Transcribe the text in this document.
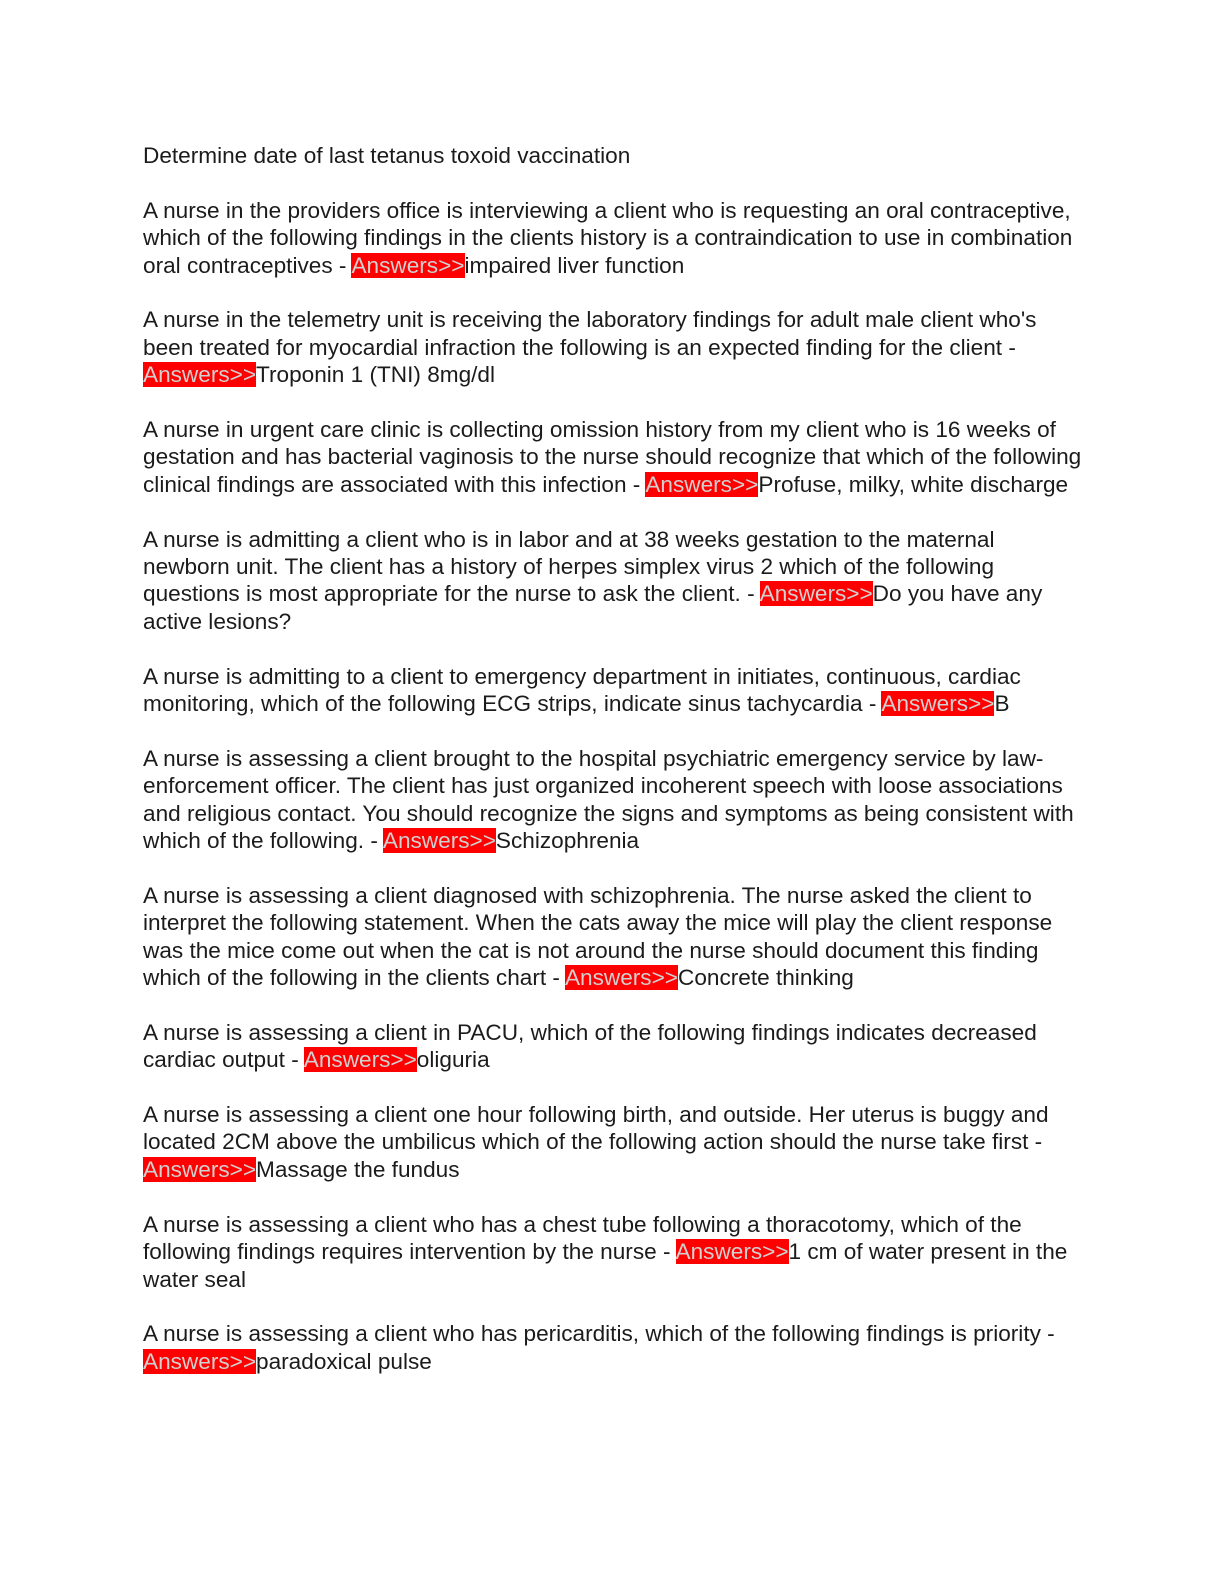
Determine date of last tetanus toxoid vaccination

A nurse in the providers office is interviewing a client who is requesting an oral contraceptive, which of the following findings in the clients history is a contraindication to use in combination oral contraceptives - Answers>>impaired liver function

A nurse in the telemetry unit is receiving the laboratory findings for adult male client who's been treated for myocardial infraction the following is an expected finding for the client - Answers>>Troponin 1 (TNI) 8mg/dl

A nurse in urgent care clinic is collecting omission history from my client who is 16 weeks of gestation and has bacterial vaginosis to the nurse should recognize that which of the following clinical findings are associated with this infection - Answers>>Profuse, milky, white discharge

A nurse is admitting a client who is in labor and at 38 weeks gestation to the maternal newborn unit. The client has a history of herpes simplex virus 2 which of the following questions is most appropriate for the nurse to ask the client. - Answers>>Do you have any active lesions?

A nurse is admitting to a client to emergency department in initiates, continuous, cardiac monitoring, which of the following ECG strips, indicate sinus tachycardia - Answers>>B

A nurse is assessing a client brought to the hospital psychiatric emergency service by law-enforcement officer. The client has just organized incoherent speech with loose associations and religious contact. You should recognize the signs and symptoms as being consistent with which of the following. - Answers>>Schizophrenia

A nurse is assessing a client diagnosed with schizophrenia. The nurse asked the client to interpret the following statement. When the cats away the mice will play the client response was the mice come out when the cat is not around the nurse should document this finding which of the following in the clients chart - Answers>>Concrete thinking

A nurse is assessing a client in PACU, which of the following findings indicates decreased cardiac output - Answers>>oliguria

A nurse is assessing a client one hour following birth, and outside. Her uterus is buggy and located 2CM above the umbilicus which of the following action should the nurse take first - Answers>>Massage the fundus

A nurse is assessing a client who has a chest tube following a thoracotomy, which of the following findings requires intervention by the nurse - Answers>>1 cm of water present in the water seal

A nurse is assessing a client who has pericarditis, which of the following findings is priority - Answers>>paradoxical pulse
